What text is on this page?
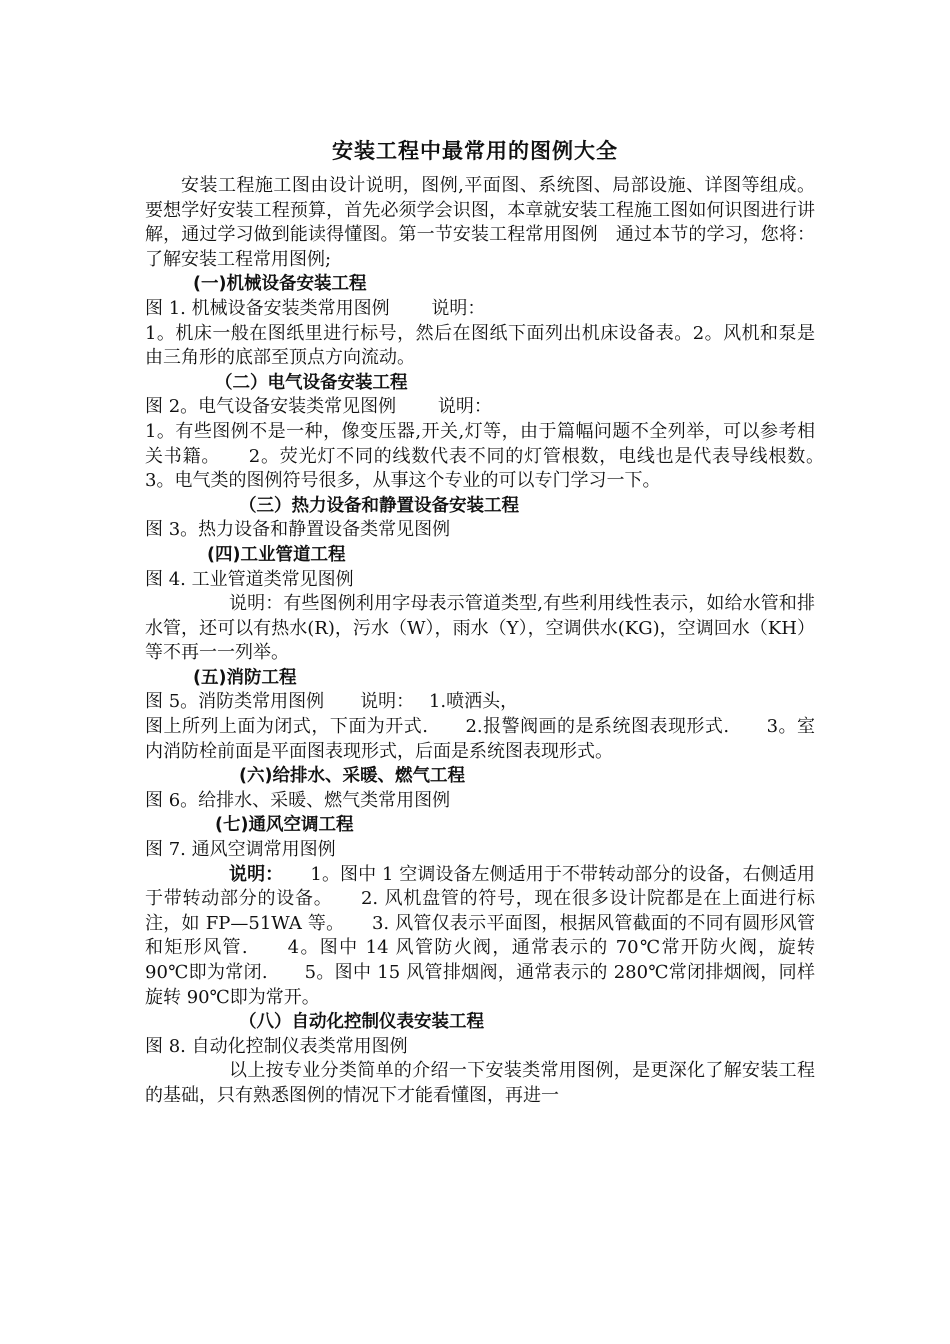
安装工程中最常用的图例大全

安装工程施工图由设计说明，图例,平面图、系统图、局部设施、详图等组成。要想学好安装工程预算，首先必须学会识图，本章就安装工程施工图如何识图进行讲解，通过学习做到能读得懂图。第一节安装工程常用图例　通过本节的学习，您将：了解安装工程常用图例;

(一)机械设备安装工程

图 1. 机械设备安装类常用图例　　 说明：

1。机床一般在图纸里进行标号，然后在图纸下面列出机床设备表。2。风机和泵是由三角形的底部至顶点方向流动。

（二）电气设备安装工程

图 2。电气设备安装类常见图例　　 说明：

1。有些图例不是一种，像变压器,开关,灯等，由于篇幅问题不全列举，可以参考相关书籍。　　2。荧光灯不同的线数代表不同的灯管根数，电线也是代表导线根数。　　3。电气类的图例符号很多，从事这个专业的可以专门学习一下。

（三）热力设备和静置设备安装工程

图 3。热力设备和静置设备类常见图例

(四)工业管道工程

图 4. 工业管道类常见图例

说明：有些图例利用字母表示管道类型,有些利用线性表示，如给水管和排水管，还可以有热水(R)，污水（W），雨水（Y），空调供水(KG)，空调回水（KH）等不再一一列举。

(五)消防工程

图 5。消防类常用图例　　说明：　 1.喷洒头，

图上所列上面为闭式，下面为开式.　　2.报警阀画的是系统图表现形式.　　3。室内消防栓前面是平面图表现形式，后面是系统图表现形式。

(六)给排水、采暖、燃气工程

图 6。给排水、采暖、燃气类常用图例

(七)通风空调工程

图 7. 通风空调常用图例

说明：　　1。图中 1 空调设备左侧适用于不带转动部分的设备，右侧适用于带转动部分的设备。　　2. 风机盘管的符号，现在很多设计院都是在上面进行标注，如 FP—51WA 等。　　3. 风管仅表示平面图，根据风管截面的不同有圆形风管和矩形风管.　　4。图中 14 风管防火阀，通常表示的 70℃常开防火阀，旋转 90℃即为常闭.　　5。图中 15 风管排烟阀，通常表示的 280℃常闭排烟阀，同样旋转 90℃即为常开。

（八）自动化控制仪表安装工程

图 8. 自动化控制仪表类常用图例

以上按专业分类简单的介绍一下安装类常用图例，是更深化了解安装工程的基础，只有熟悉图例的情况下才能看懂图，再进一
